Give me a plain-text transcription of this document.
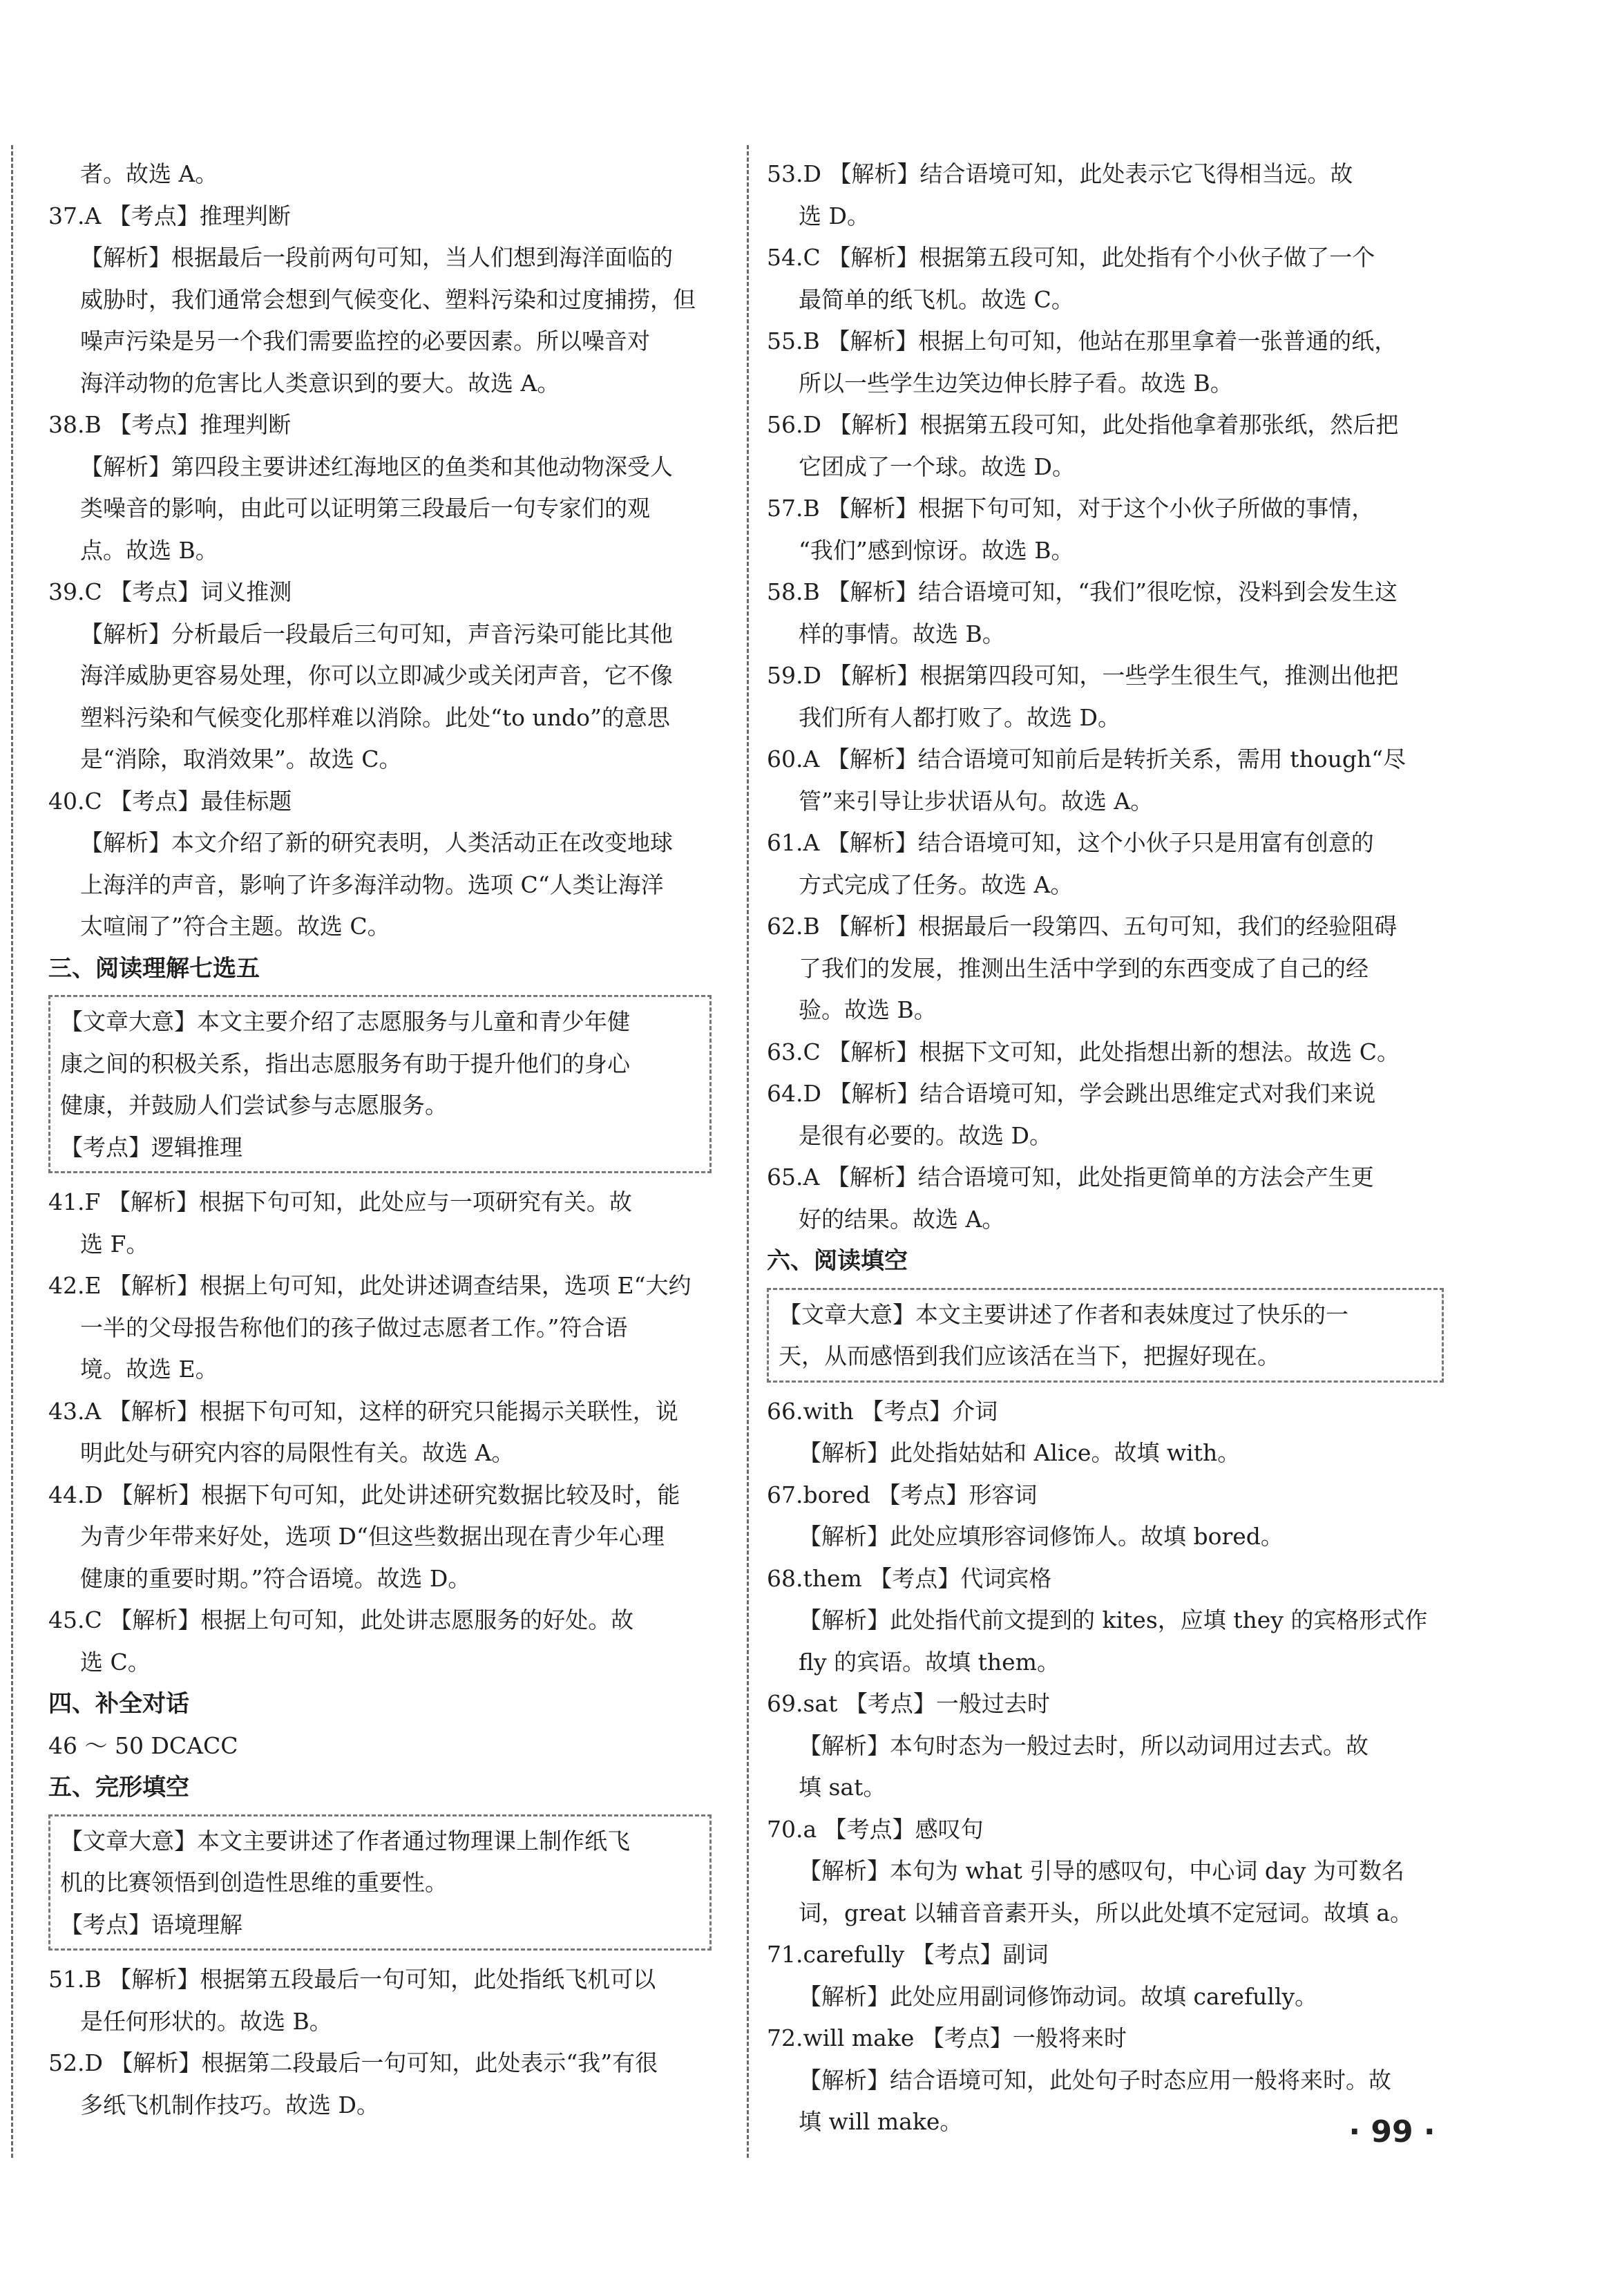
者。故选 A。
37.A 【考点】推理判断
【解析】根据最后一段前两句可知，当人们想到海洋面临的
威胁时，我们通常会想到气候变化、塑料污染和过度捕捞，但
噪声污染是另一个我们需要监控的必要因素。所以噪音对
海洋动物的危害比人类意识到的要大。故选 A。
38.B 【考点】推理判断
【解析】第四段主要讲述红海地区的鱼类和其他动物深受人
类噪音的影响，由此可以证明第三段最后一句专家们的观
点。故选 B。
39.C 【考点】词义推测
【解析】分析最后一段最后三句可知，声音污染可能比其他
海洋威胁更容易处理，你可以立即减少或关闭声音，它不像
塑料污染和气候变化那样难以消除。此处“to undo”的意思
是“消除，取消效果”。故选 C。
40.C 【考点】最佳标题
【解析】本文介绍了新的研究表明，人类活动正在改变地球
上海洋的声音，影响了许多海洋动物。选项 C“人类让海洋
太喧闹了”符合主题。故选 C。
三、阅读理解七选五
【文章大意】本文主要介绍了志愿服务与儿童和青少年健
康之间的积极关系，指出志愿服务有助于提升他们的身心
健康，并鼓励人们尝试参与志愿服务。
【考点】逻辑推理
41.F 【解析】根据下句可知，此处应与一项研究有关。故
选 F。
42.E 【解析】根据上句可知，此处讲述调查结果，选项 E“大约
一半的父母报告称他们的孩子做过志愿者工作。”符合语
境。故选 E。
43.A 【解析】根据下句可知，这样的研究只能揭示关联性，说
明此处与研究内容的局限性有关。故选 A。
44.D 【解析】根据下句可知，此处讲述研究数据比较及时，能
为青少年带来好处，选项 D“但这些数据出现在青少年心理
健康的重要时期。”符合语境。故选 D。
45.C 【解析】根据上句可知，此处讲志愿服务的好处。故
选 C。
四、补全对话
46 ～ 50 DCACC
五、完形填空
【文章大意】本文主要讲述了作者通过物理课上制作纸飞
机的比赛领悟到创造性思维的重要性。
【考点】语境理解
51.B 【解析】根据第五段最后一句可知，此处指纸飞机可以
是任何形状的。故选 B。
52.D 【解析】根据第二段最后一句可知，此处表示“我”有很
多纸飞机制作技巧。故选 D。
53.D 【解析】结合语境可知，此处表示它飞得相当远。故
选 D。
54.C 【解析】根据第五段可知，此处指有个小伙子做了一个
最简单的纸飞机。故选 C。
55.B 【解析】根据上句可知，他站在那里拿着一张普通的纸，
所以一些学生边笑边伸长脖子看。故选 B。
56.D 【解析】根据第五段可知，此处指他拿着那张纸，然后把
它团成了一个球。故选 D。
57.B 【解析】根据下句可知，对于这个小伙子所做的事情，
“我们”感到惊讶。故选 B。
58.B 【解析】结合语境可知，“我们”很吃惊，没料到会发生这
样的事情。故选 B。
59.D 【解析】根据第四段可知，一些学生很生气，推测出他把
我们所有人都打败了。故选 D。
60.A 【解析】结合语境可知前后是转折关系，需用 though“尽
管”来引导让步状语从句。故选 A。
61.A 【解析】结合语境可知，这个小伙子只是用富有创意的
方式完成了任务。故选 A。
62.B 【解析】根据最后一段第四、五句可知，我们的经验阻碍
了我们的发展，推测出生活中学到的东西变成了自己的经
验。故选 B。
63.C 【解析】根据下文可知，此处指想出新的想法。故选 C。
64.D 【解析】结合语境可知，学会跳出思维定式对我们来说
是很有必要的。故选 D。
65.A 【解析】结合语境可知，此处指更简单的方法会产生更
好的结果。故选 A。
六、阅读填空
【文章大意】本文主要讲述了作者和表妹度过了快乐的一
天，从而感悟到我们应该活在当下，把握好现在。
66.with 【考点】介词
【解析】此处指姑姑和 Alice。故填 with。
67.bored 【考点】形容词
【解析】此处应填形容词修饰人。故填 bored。
68.them 【考点】代词宾格
【解析】此处指代前文提到的 kites，应填 they 的宾格形式作
fly 的宾语。故填 them。
69.sat 【考点】一般过去时
【解析】本句时态为一般过去时，所以动词用过去式。故
填 sat。
70.a 【考点】感叹句
【解析】本句为 what 引导的感叹句，中心词 day 为可数名
词，great 以辅音音素开头，所以此处填不定冠词。故填 a。
71.carefully 【考点】副词
【解析】此处应用副词修饰动词。故填 carefully。
72.will make 【考点】一般将来时
【解析】结合语境可知，此处句子时态应用一般将来时。故
填 will make。	· 99 ·
